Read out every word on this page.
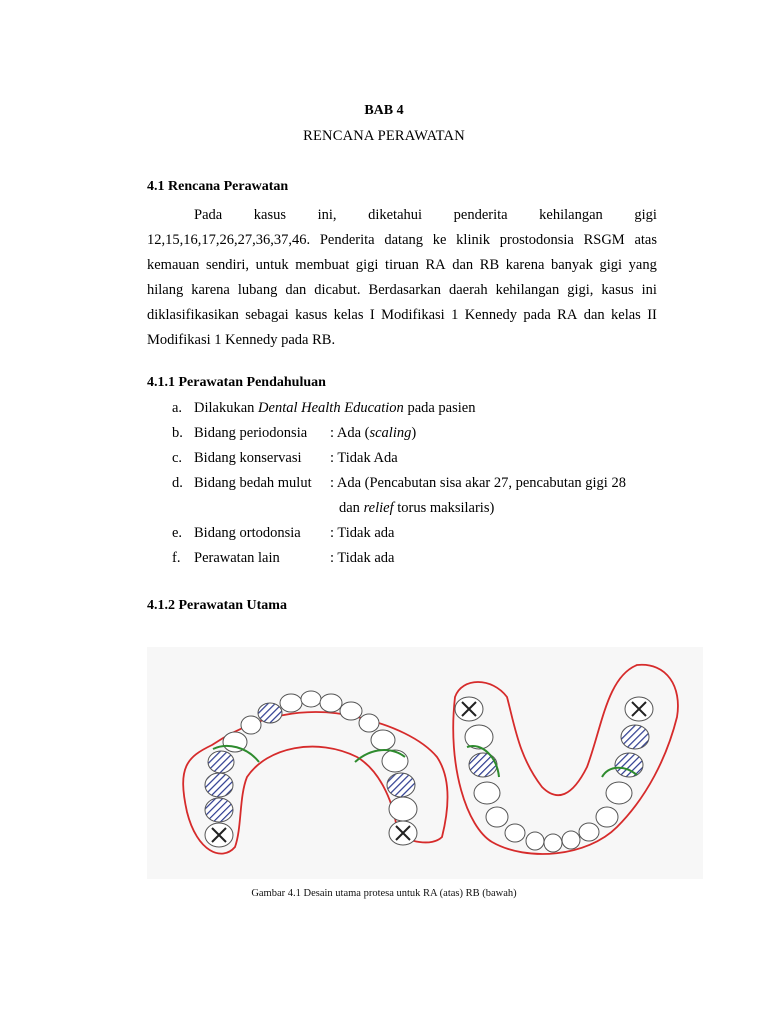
BAB 4
RENCANA PERAWATAN
4.1 Rencana Perawatan
Pada kasus ini, diketahui penderita kehilangan gigi
12,15,16,17,26,27,36,37,46. Penderita datang ke klinik prostodonsia RSGM atas
kemauan sendiri, untuk membuat gigi tiruan RA dan RB karena banyak gigi yang
hilang karena lubang dan dicabut. Berdasarkan daerah kehilangan gigi, kasus ini
diklasifikasikan sebagai kasus kelas I Modifikasi 1 Kennedy pada RA dan kelas II
Modifikasi 1 Kennedy pada RB.
4.1.1 Perawatan Pendahuluan
a. Dilakukan Dental Health Education pada pasien
b. Bidang periodonsia : Ada (scaling)
c. Bidang konservasi : Tidak Ada
d. Bidang bedah mulut : Ada (Pencabutan sisa akar 27, pencabutan gigi 28
dan relief torus maksilaris)
e. Bidang ortodonsia : Tidak ada
f. Perawatan lain	: Tidak ada
4.1.2 Perawatan Utama
Gambar 4.1 Desain utama protesa untuk RA (atas) RB (bawah)
